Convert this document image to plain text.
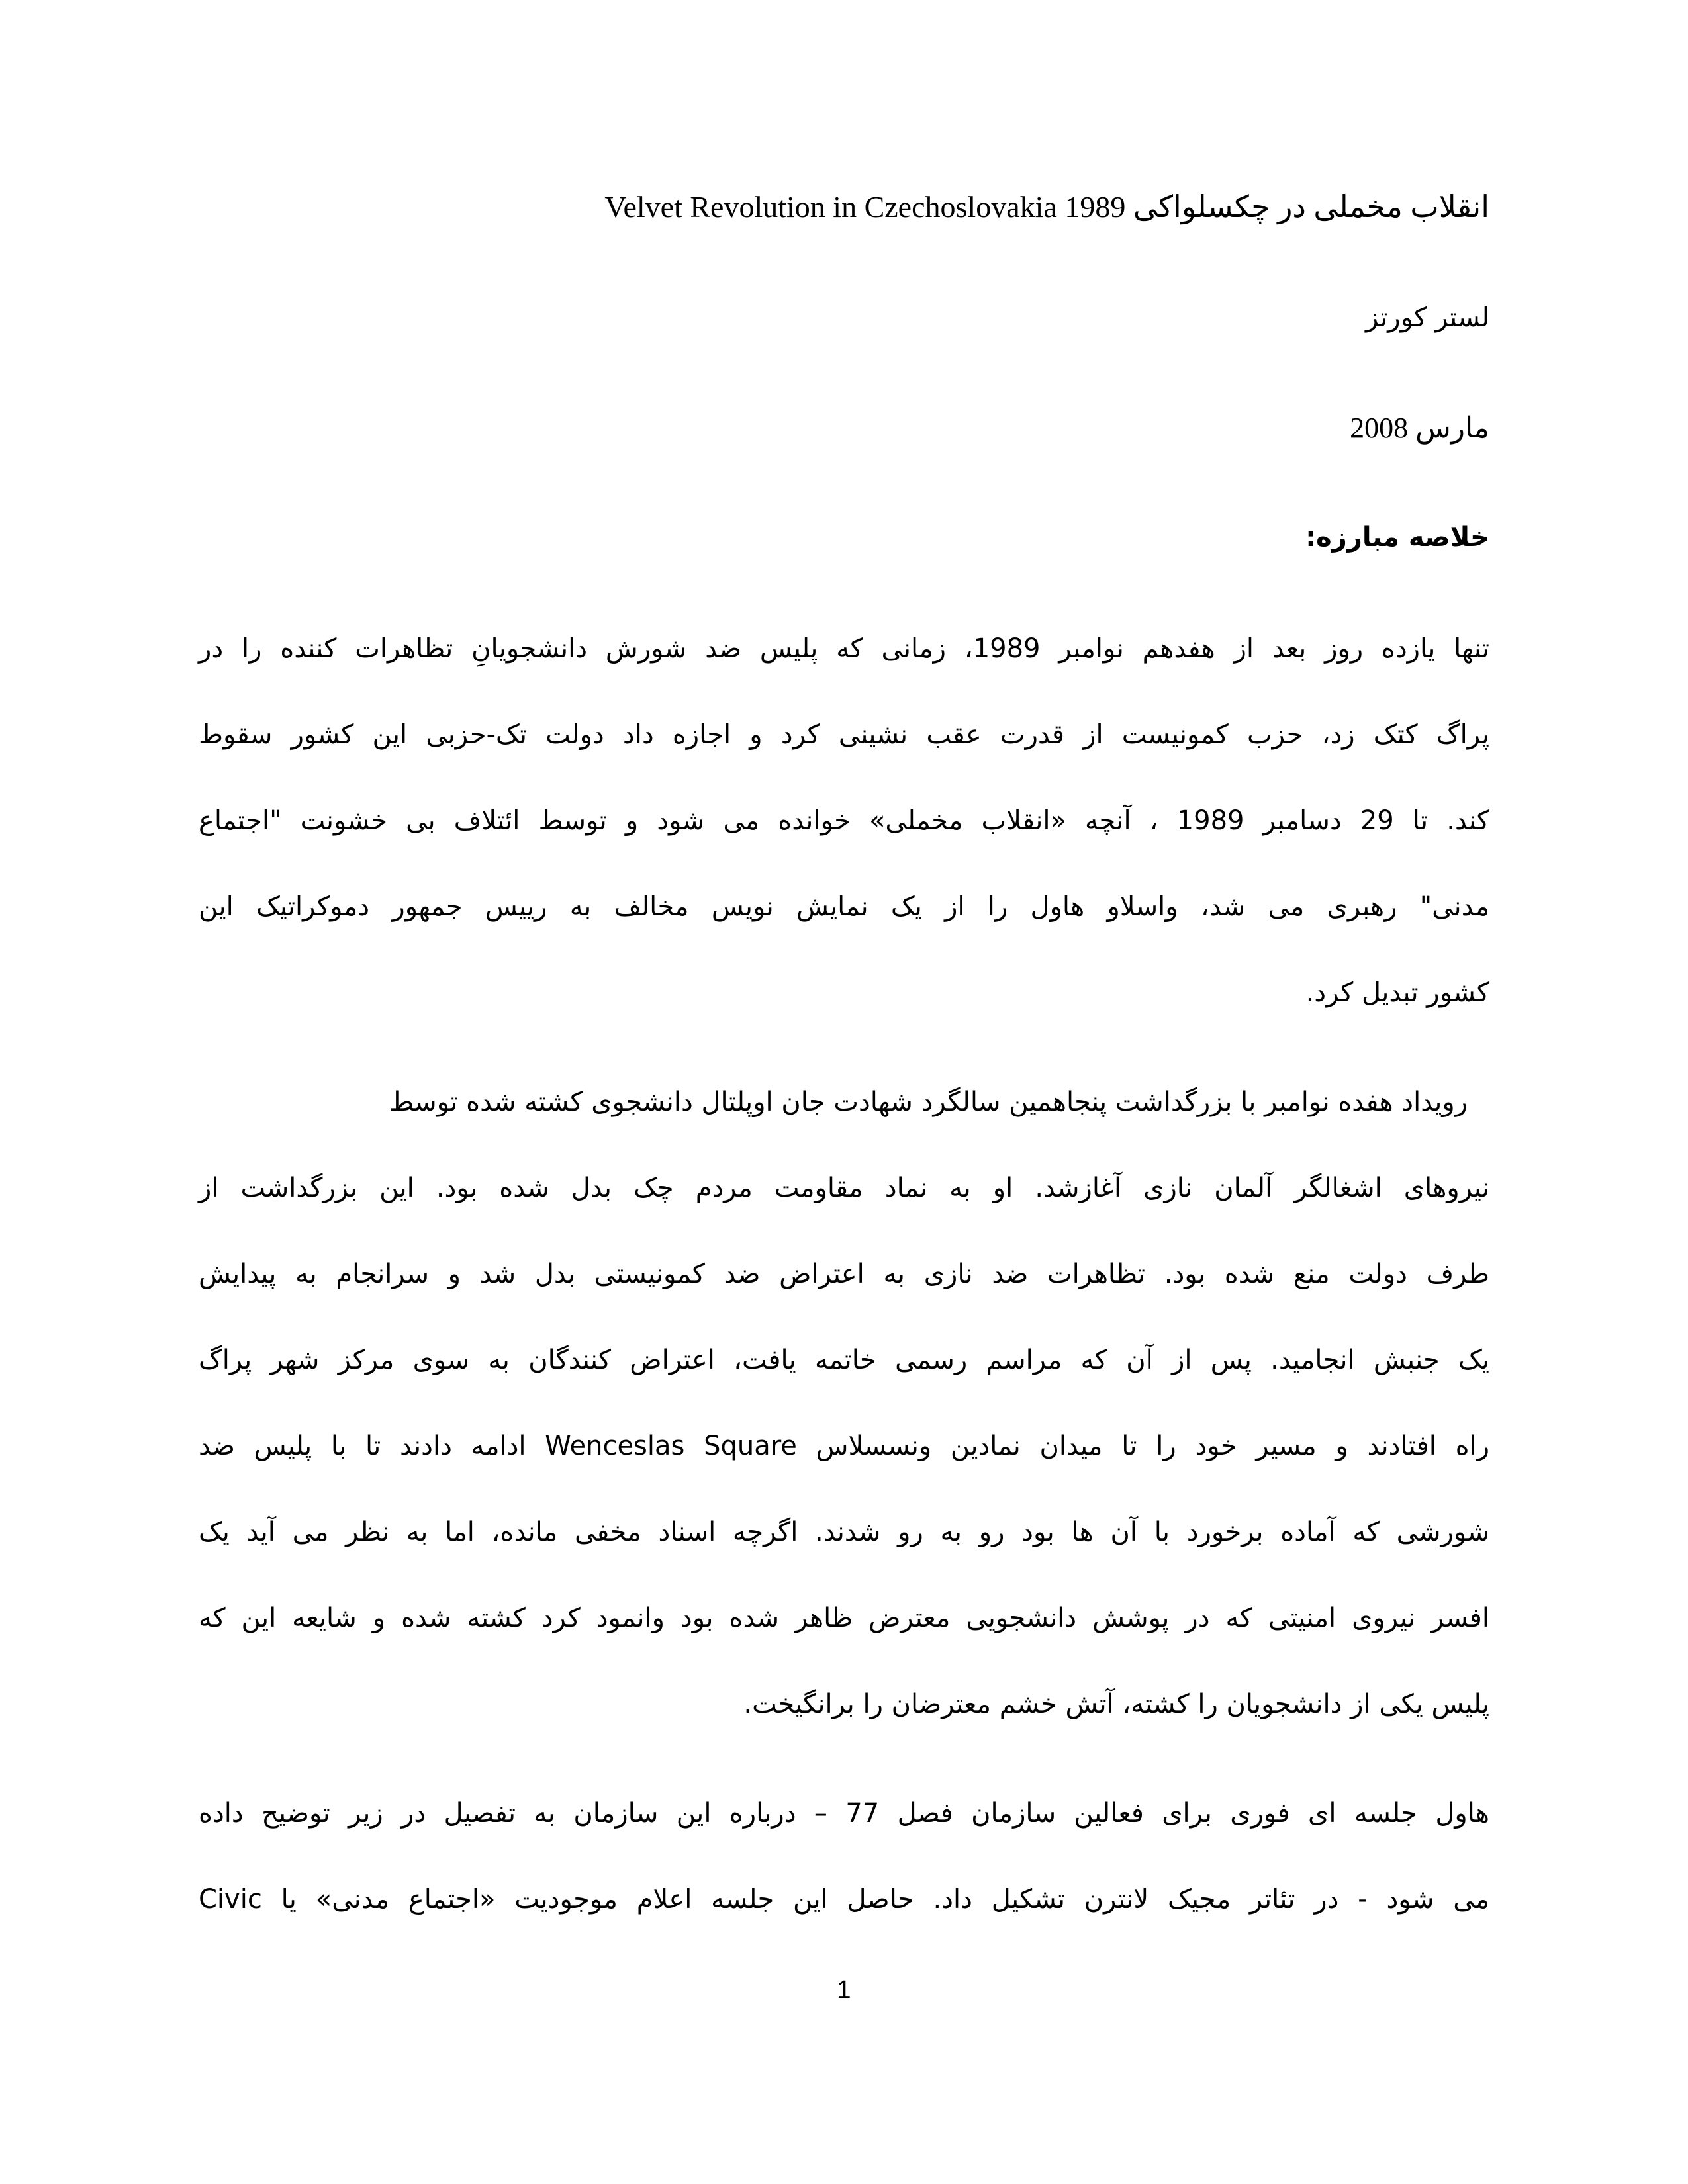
انقلاب مخملی در چکسلواکی 1989 Velvet Revolution in Czechoslovakia
لستر کورتز
مارس 2008
خلاصه مبارزه:
تنها یازده روز بعد از هفدهم نوامبر 1989، زمانی که پلیس ضد شورش دانشجویانِ تظاهرات کننده را در
پراگ کتک زد، حزب کمونیست از قدرت عقب نشینی کرد و اجازه داد دولت تک-حزبی این کشور سقوط
کند. تا 29 دسامبر 1989 ، آنچه «انقلاب مخملی» خوانده می شود و توسط ائتلاف بی خشونت "اجتماع
مدنی" رهبری می شد، واسلاو هاول را از یک نمایش نویس مخالف به رییس جمهور دموکراتیک این
کشور تبدیل کرد.
رویداد هفده نوامبر با بزرگداشت پنجاهمین سالگرد شهادت جان اوپلتال دانشجوی کشته شده توسط
نیروهای اشغالگر آلمان نازی آغازشد. او به نماد مقاومت مردم چک بدل شده بود. این بزرگداشت از
طرف دولت منع شده بود. تظاهرات ضد نازی به اعتراض ضد کمونیستی بدل شد و سرانجام به پیدایش
یک جنبش انجامید. پس از آن که مراسم رسمی خاتمه یافت، اعتراض کنندگان به سوی مرکز شهر پراگ
راه افتادند و مسیر خود را تا میدان نمادین ونسسلاس Wenceslas Square ادامه دادند تا با پلیس ضد
شورشی که آماده برخورد با آن ها بود رو به رو شدند. اگرچه اسناد مخفی مانده، اما به نظر می آید یک
افسر نیروی امنیتی که در پوشش دانشجویی معترض ظاهر شده بود وانمود کرد کشته شده و شایعه این که
پلیس یکی از دانشجویان را کشته، آتش خشم معترضان را برانگیخت.
هاول جلسه ای فوری برای فعالین سازمان فصل 77 – درباره این سازمان به تفصیل در زیر توضیح داده
می شود - در تئاتر مجیک لانترن تشکیل داد. حاصل این جلسه اعلام موجودیت «اجتماع مدنی» یا Civic
1
